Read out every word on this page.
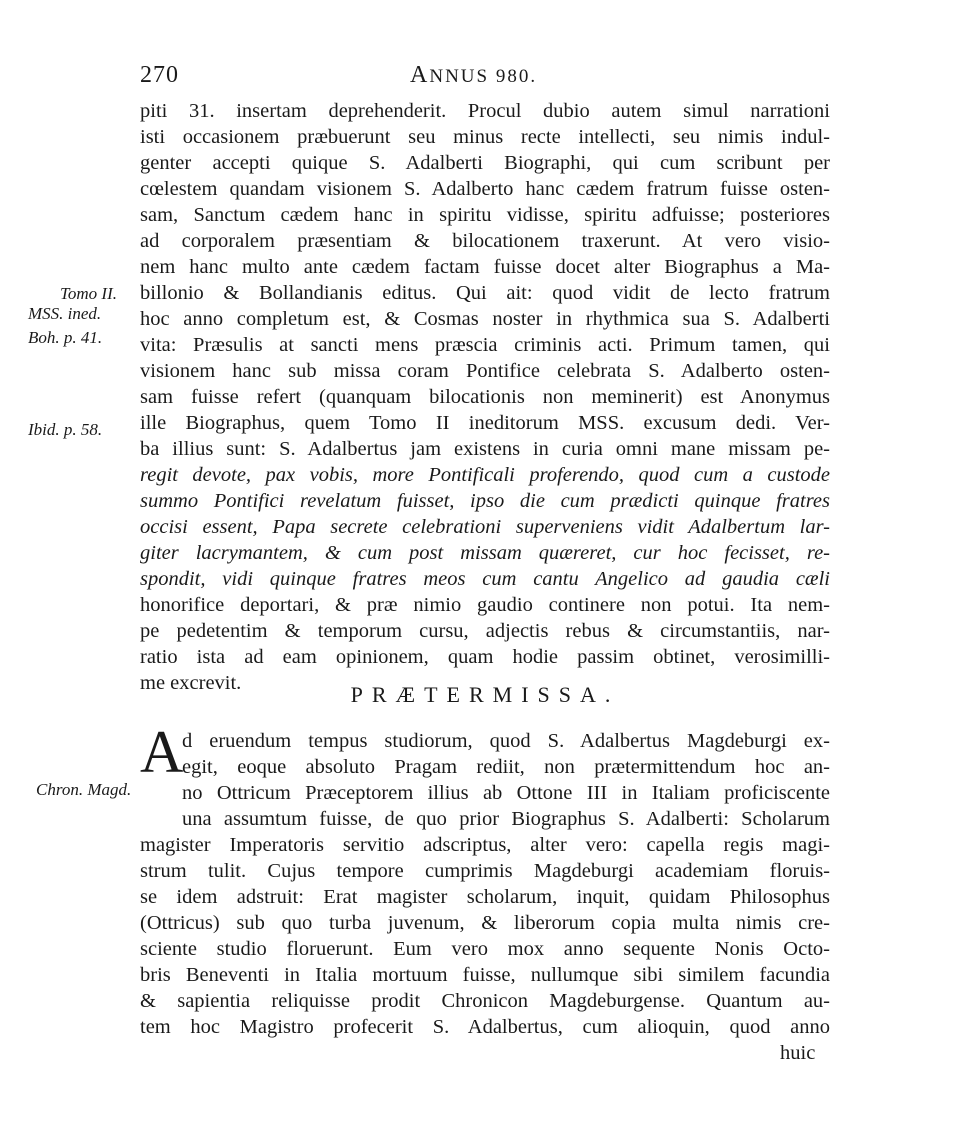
270	ANNUS 980.
Tomo II.
MSS. ined.
Boh. p. 41.
Ibid. p. 58.
Chron. Magd.
piti 31. insertam deprehenderit. Procul dubio autem simul narrationi
isti occasionem præbuerunt seu minus recte intellecti, seu nimis indul-
genter accepti quique S. Adalberti Biographi, qui cum scribunt per
cœlestem quandam visionem S. Adalberto hanc cædem fratrum fuisse osten-
sam, Sanctum cædem hanc in spiritu vidisse, spiritu adfuisse; posteriores
ad corporalem præsentiam & bilocationem traxerunt. At vero visio-
nem hanc multo ante cædem factam fuisse docet alter Biographus a Ma-
billonio & Bollandianis editus. Qui ait: quod vidit de lecto fratrum
hoc anno completum est, & Cosmas noster in rhythmica sua S. Adalberti
vita: Præsulis at sancti mens præscia criminis acti. Primum tamen, qui
visionem hanc sub missa coram Pontifice celebrata S. Adalberto osten-
sam fuisse refert (quanquam bilocationis non meminerit) est Anonymus
ille Biographus, quem Tomo II ineditorum MSS. excusum dedi. Ver-
ba illius sunt: S. Adalbertus jam existens in curia omni mane missam pe-
regit devote, pax vobis, more Pontificali proferendo, quod cum a custode
summo Pontifici revelatum fuisset, ipso die cum prædicti quinque fratres
occisi essent, Papa secrete celebrationi superveniens vidit Adalbertum lar-
giter lacrymantem, & cum post missam quæreret, cur hoc fecisset, re-
spondit, vidi quinque fratres meos cum cantu Angelico ad gaudia cæli
honorifice deportari, & præ nimio gaudio continere non potui. Ita nem-
pe pedetentim & temporum cursu, adjectis rebus & circumstantiis, nar-
ratio ista ad eam opinionem, quam hodie passim obtinet, verosimilli-
me excrevit.	PRÆTERMISSA.
A
d eruendum tempus studiorum, quod S. Adalbertus Magdeburgi ex-
egit, eoque absoluto Pragam rediit, non prætermittendum hoc an-
no Ottricum Præceptorem illius ab Ottone III in Italiam proficiscente
una assumtum fuisse, de quo prior Biographus S. Adalberti: Scholarum
magister Imperatoris servitio adscriptus, alter vero: capella regis magi-
strum tulit. Cujus tempore cumprimis Magdeburgi academiam floruis-
se idem adstruit: Erat magister scholarum, inquit, quidam Philosophus
(Ottricus) sub quo turba juvenum, & liberorum copia multa nimis cre-
sciente studio floruerunt. Eum vero mox anno sequente Nonis Octo-
bris Beneventi in Italia mortuum fuisse, nullumque sibi similem facundia
& sapientia reliquisse prodit Chronicon Magdeburgense. Quantum au-
tem hoc Magistro profecerit S. Adalbertus, cum alioquin, quod anno
huic
